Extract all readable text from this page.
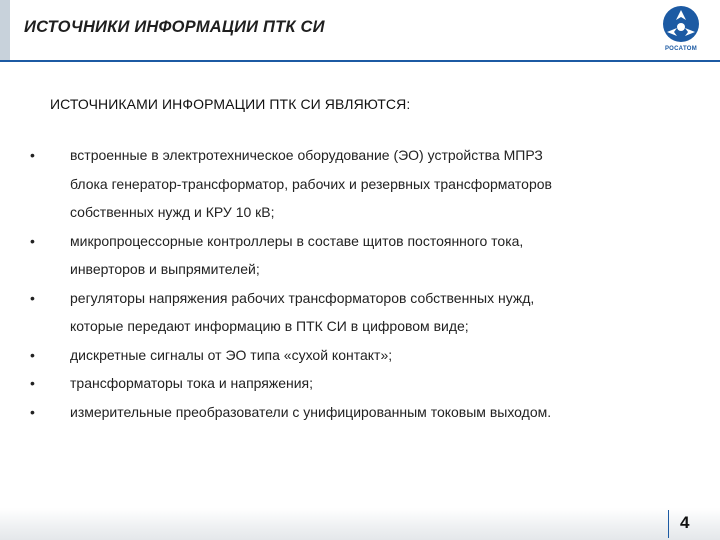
ИСТОЧНИКИ ИНФОРМАЦИИ ПТК СИ
РОСАТОМ
ИСТОЧНИКАМИ ИНФОРМАЦИИ ПТК СИ ЯВЛЯЮТСЯ:
•	встроенные в электротехническое оборудование (ЭО) устройства МПРЗ
блока генератор-трансформатор, рабочих и резервных трансформаторов
собственных нужд и КРУ 10 кВ;
•	микропроцессорные контроллеры в составе щитов постоянного тока,
инверторов и выпрямителей;
•	регуляторы напряжения рабочих трансформаторов собственных нужд,
которые передают информацию в ПТК СИ в цифровом виде;
•	дискретные сигналы от ЭО типа «сухой контакт»;
•	трансформаторы тока и напряжения;
•	измерительные преобразователи с унифицированным токовым выходом.
4
